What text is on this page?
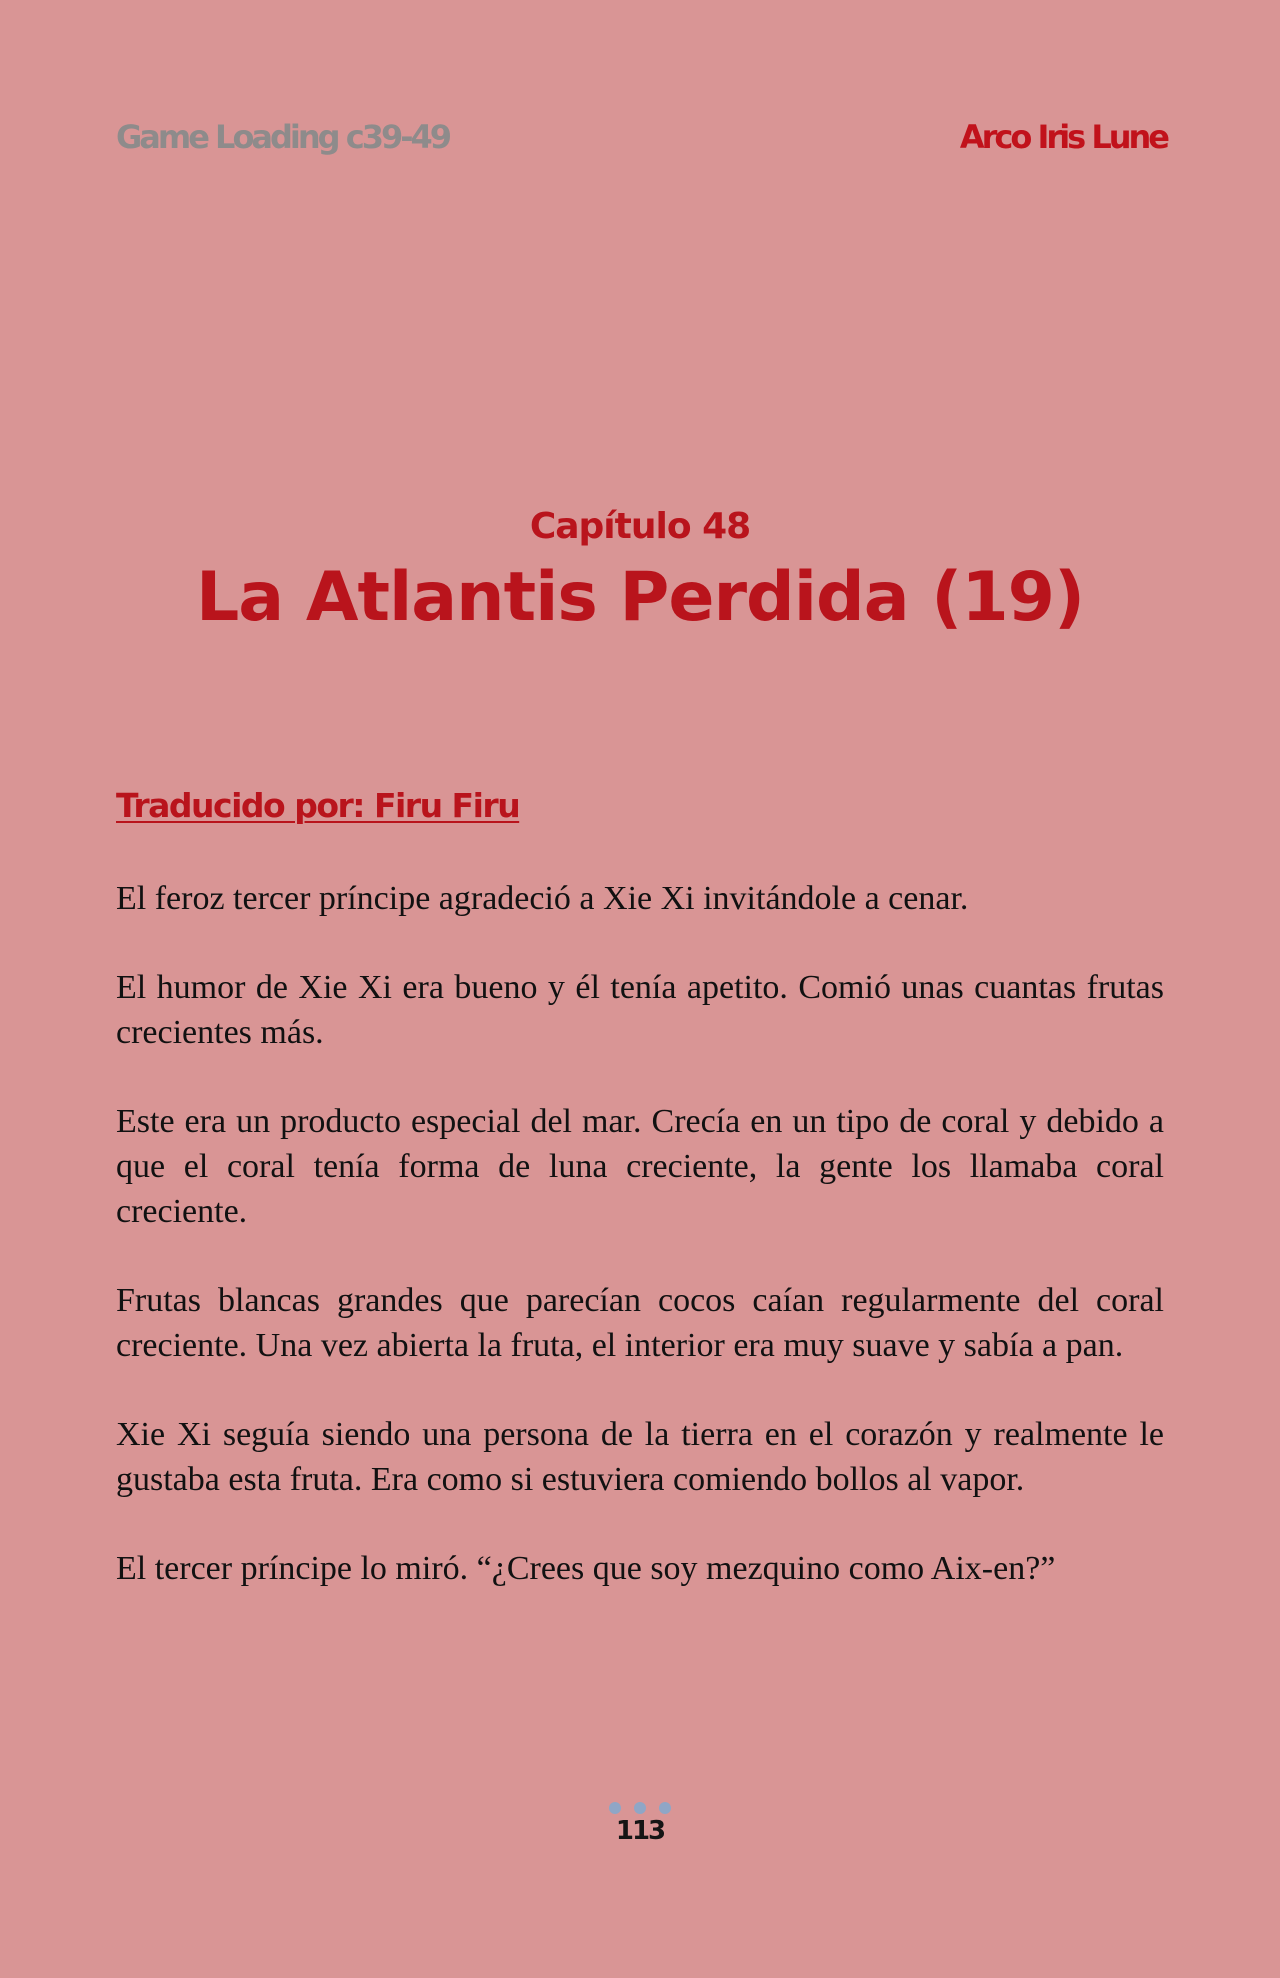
Game Loading c39-49	Arco Iris Lune
Capítulo 48
La Atlantis Perdida (19)
Traducido por: Firu Firu

El feroz tercer príncipe agradeció a Xie Xi invitándole a cenar.

El humor de Xie Xi era bueno y él tenía apetito. Comió unas cuantas frutas crecientes más.

Este era un producto especial del mar. Crecía en un tipo de coral y debido a que el coral tenía forma de luna creciente, la gente los llamaba coral creciente.

Frutas blancas grandes que parecían cocos caían regularmente del coral creciente. Una vez abierta la fruta, el interior era muy suave y sabía a pan.

Xie Xi seguía siendo una persona de la tierra en el corazón y realmente le gustaba esta fruta. Era como si estuviera comiendo bollos al vapor.

El tercer príncipe lo miró. “¿Crees que soy mezquino como Aix-en?”

113
